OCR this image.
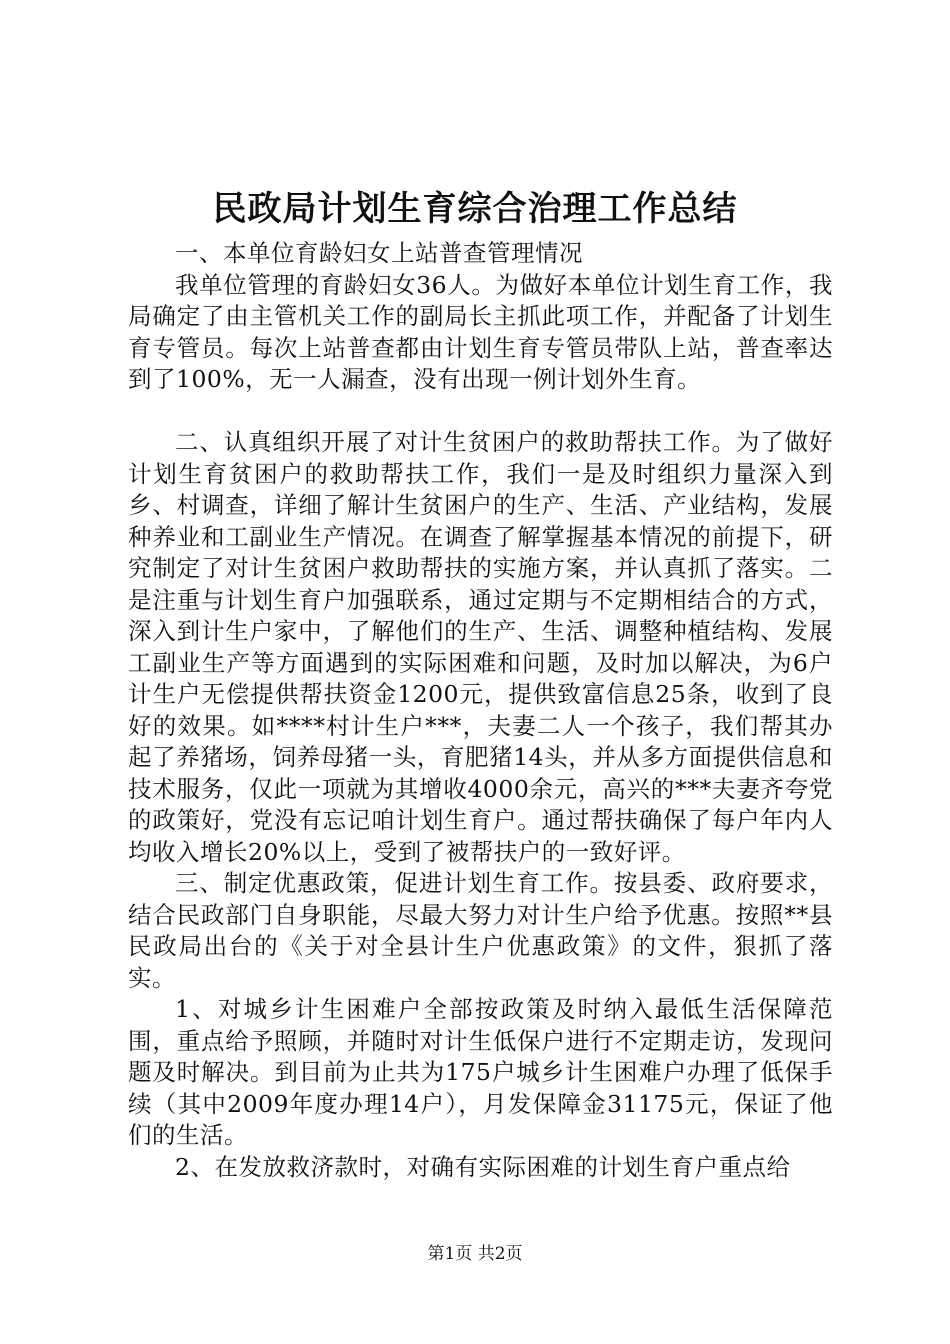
民政局计划生育综合治理工作总结

一、本单位育龄妇女上站普查管理情况

我单位管理的育龄妇女36人。为做好本单位计划生育工作，我局确定了由主管机关工作的副局长主抓此项工作，并配备了计划生育专管员。每次上站普查都由计划生育专管员带队上站，普查率达到了100%，无一人漏查，没有出现一例计划外生育。

二、认真组织开展了对计生贫困户的救助帮扶工作。为了做好计划生育贫困户的救助帮扶工作，我们一是及时组织力量深入到乡、村调查，详细了解计生贫困户的生产、生活、产业结构，发展种养业和工副业生产情况。在调查了解掌握基本情况的前提下，研究制定了对计生贫困户救助帮扶的实施方案，并认真抓了落实。二是注重与计划生育户加强联系，通过定期与不定期相结合的方式，深入到计生户家中，了解他们的生产、生活、调整种植结构、发展工副业生产等方面遇到的实际困难和问题，及时加以解决，为6户计生户无偿提供帮扶资金1200元，提供致富信息25条，收到了良好的效果。如****村计生户***，夫妻二人一个孩子，我们帮其办起了养猪场，饲养母猪一头，育肥猪14头，并从多方面提供信息和技术服务，仅此一项就为其增收4000余元，高兴的***夫妻齐夸党的政策好，党没有忘记咱计划生育户。通过帮扶确保了每户年内人均收入增长20%以上，受到了被帮扶户的一致好评。

三、制定优惠政策，促进计划生育工作。按县委、政府要求，结合民政部门自身职能，尽最大努力对计生户给予优惠。按照**县民政局出台的《关于对全县计生户优惠政策》的文件，狠抓了落实。

1、对城乡计生困难户全部按政策及时纳入最低生活保障范围，重点给予照顾，并随时对计生低保户进行不定期走访，发现问题及时解决。到目前为止共为175户城乡计生困难户办理了低保手续（其中2009年度办理14户），月发保障金31175元，保证了他们的生活。

2、在发放救济款时，对确有实际困难的计划生育户重点给

第1页 共2页
